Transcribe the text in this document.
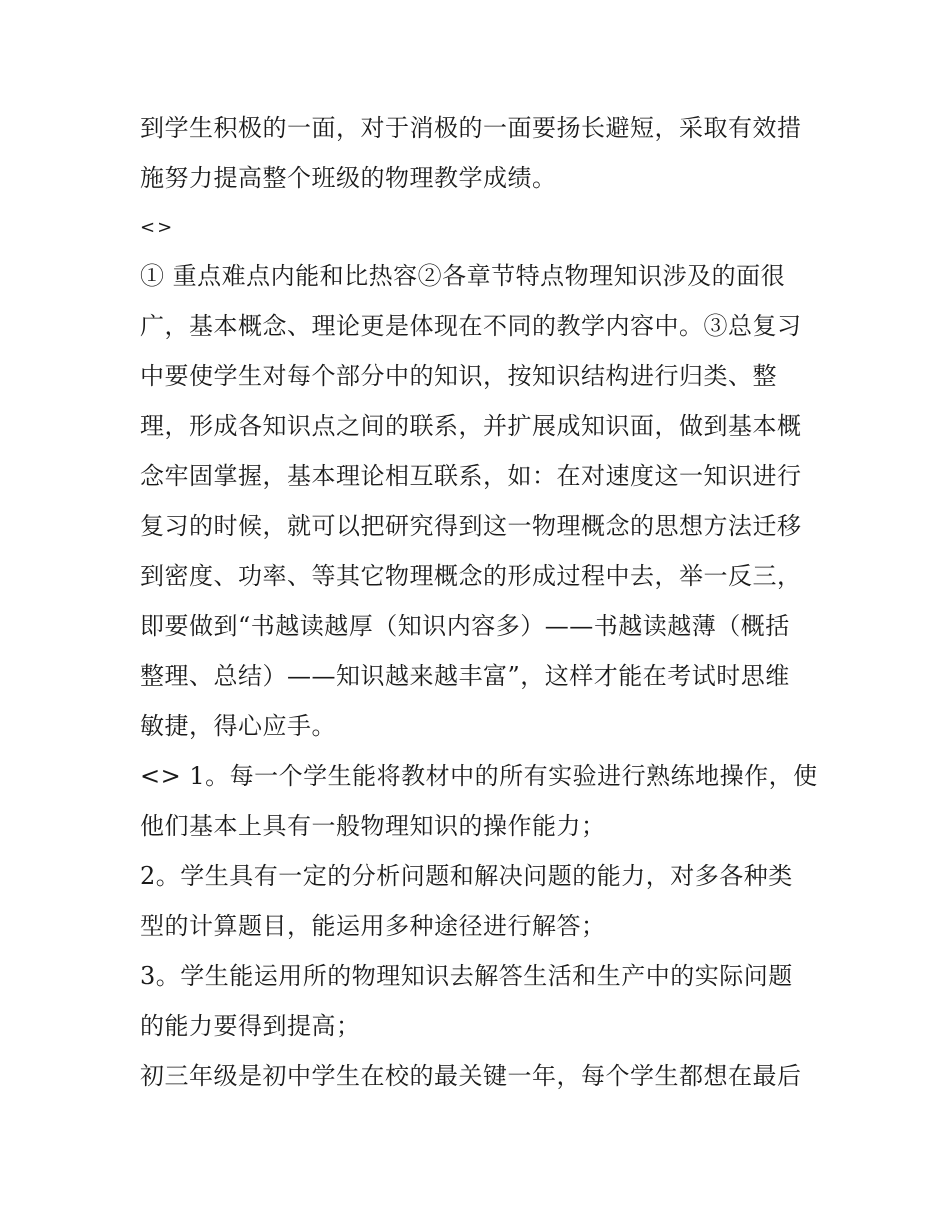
到学生积极的一面，对于消极的一面要扬长避短，采取有效措
施努力提高整个班级的物理教学成绩。
<>
① 重点难点内能和比热容②各章节特点物理知识涉及的面很
广，基本概念、理论更是体现在不同的教学内容中。③总复习
中要使学生对每个部分中的知识，按知识结构进行归类、整
理，形成各知识点之间的联系，并扩展成知识面，做到基本概
念牢固掌握，基本理论相互联系，如：在对速度这一知识进行
复习的时候，就可以把研究得到这一物理概念的思想方法迁移
到密度、功率、等其它物理概念的形成过程中去，举一反三，
即要做到“书越读越厚（知识内容多）——书越读越薄（概括
整理、总结）——知识越来越丰富”，这样才能在考试时思维
敏捷，得心应手。
<> 1。每一个学生能将教材中的所有实验进行熟练地操作，使
他们基本上具有一般物理知识的操作能力；
2。学生具有一定的分析问题和解决问题的能力，对多各种类
型的计算题目，能运用多种途径进行解答；
3。学生能运用所的物理知识去解答生活和生产中的实际问题
的能力要得到提高；
初三年级是初中学生在校的最关键一年，每个学生都想在最后
